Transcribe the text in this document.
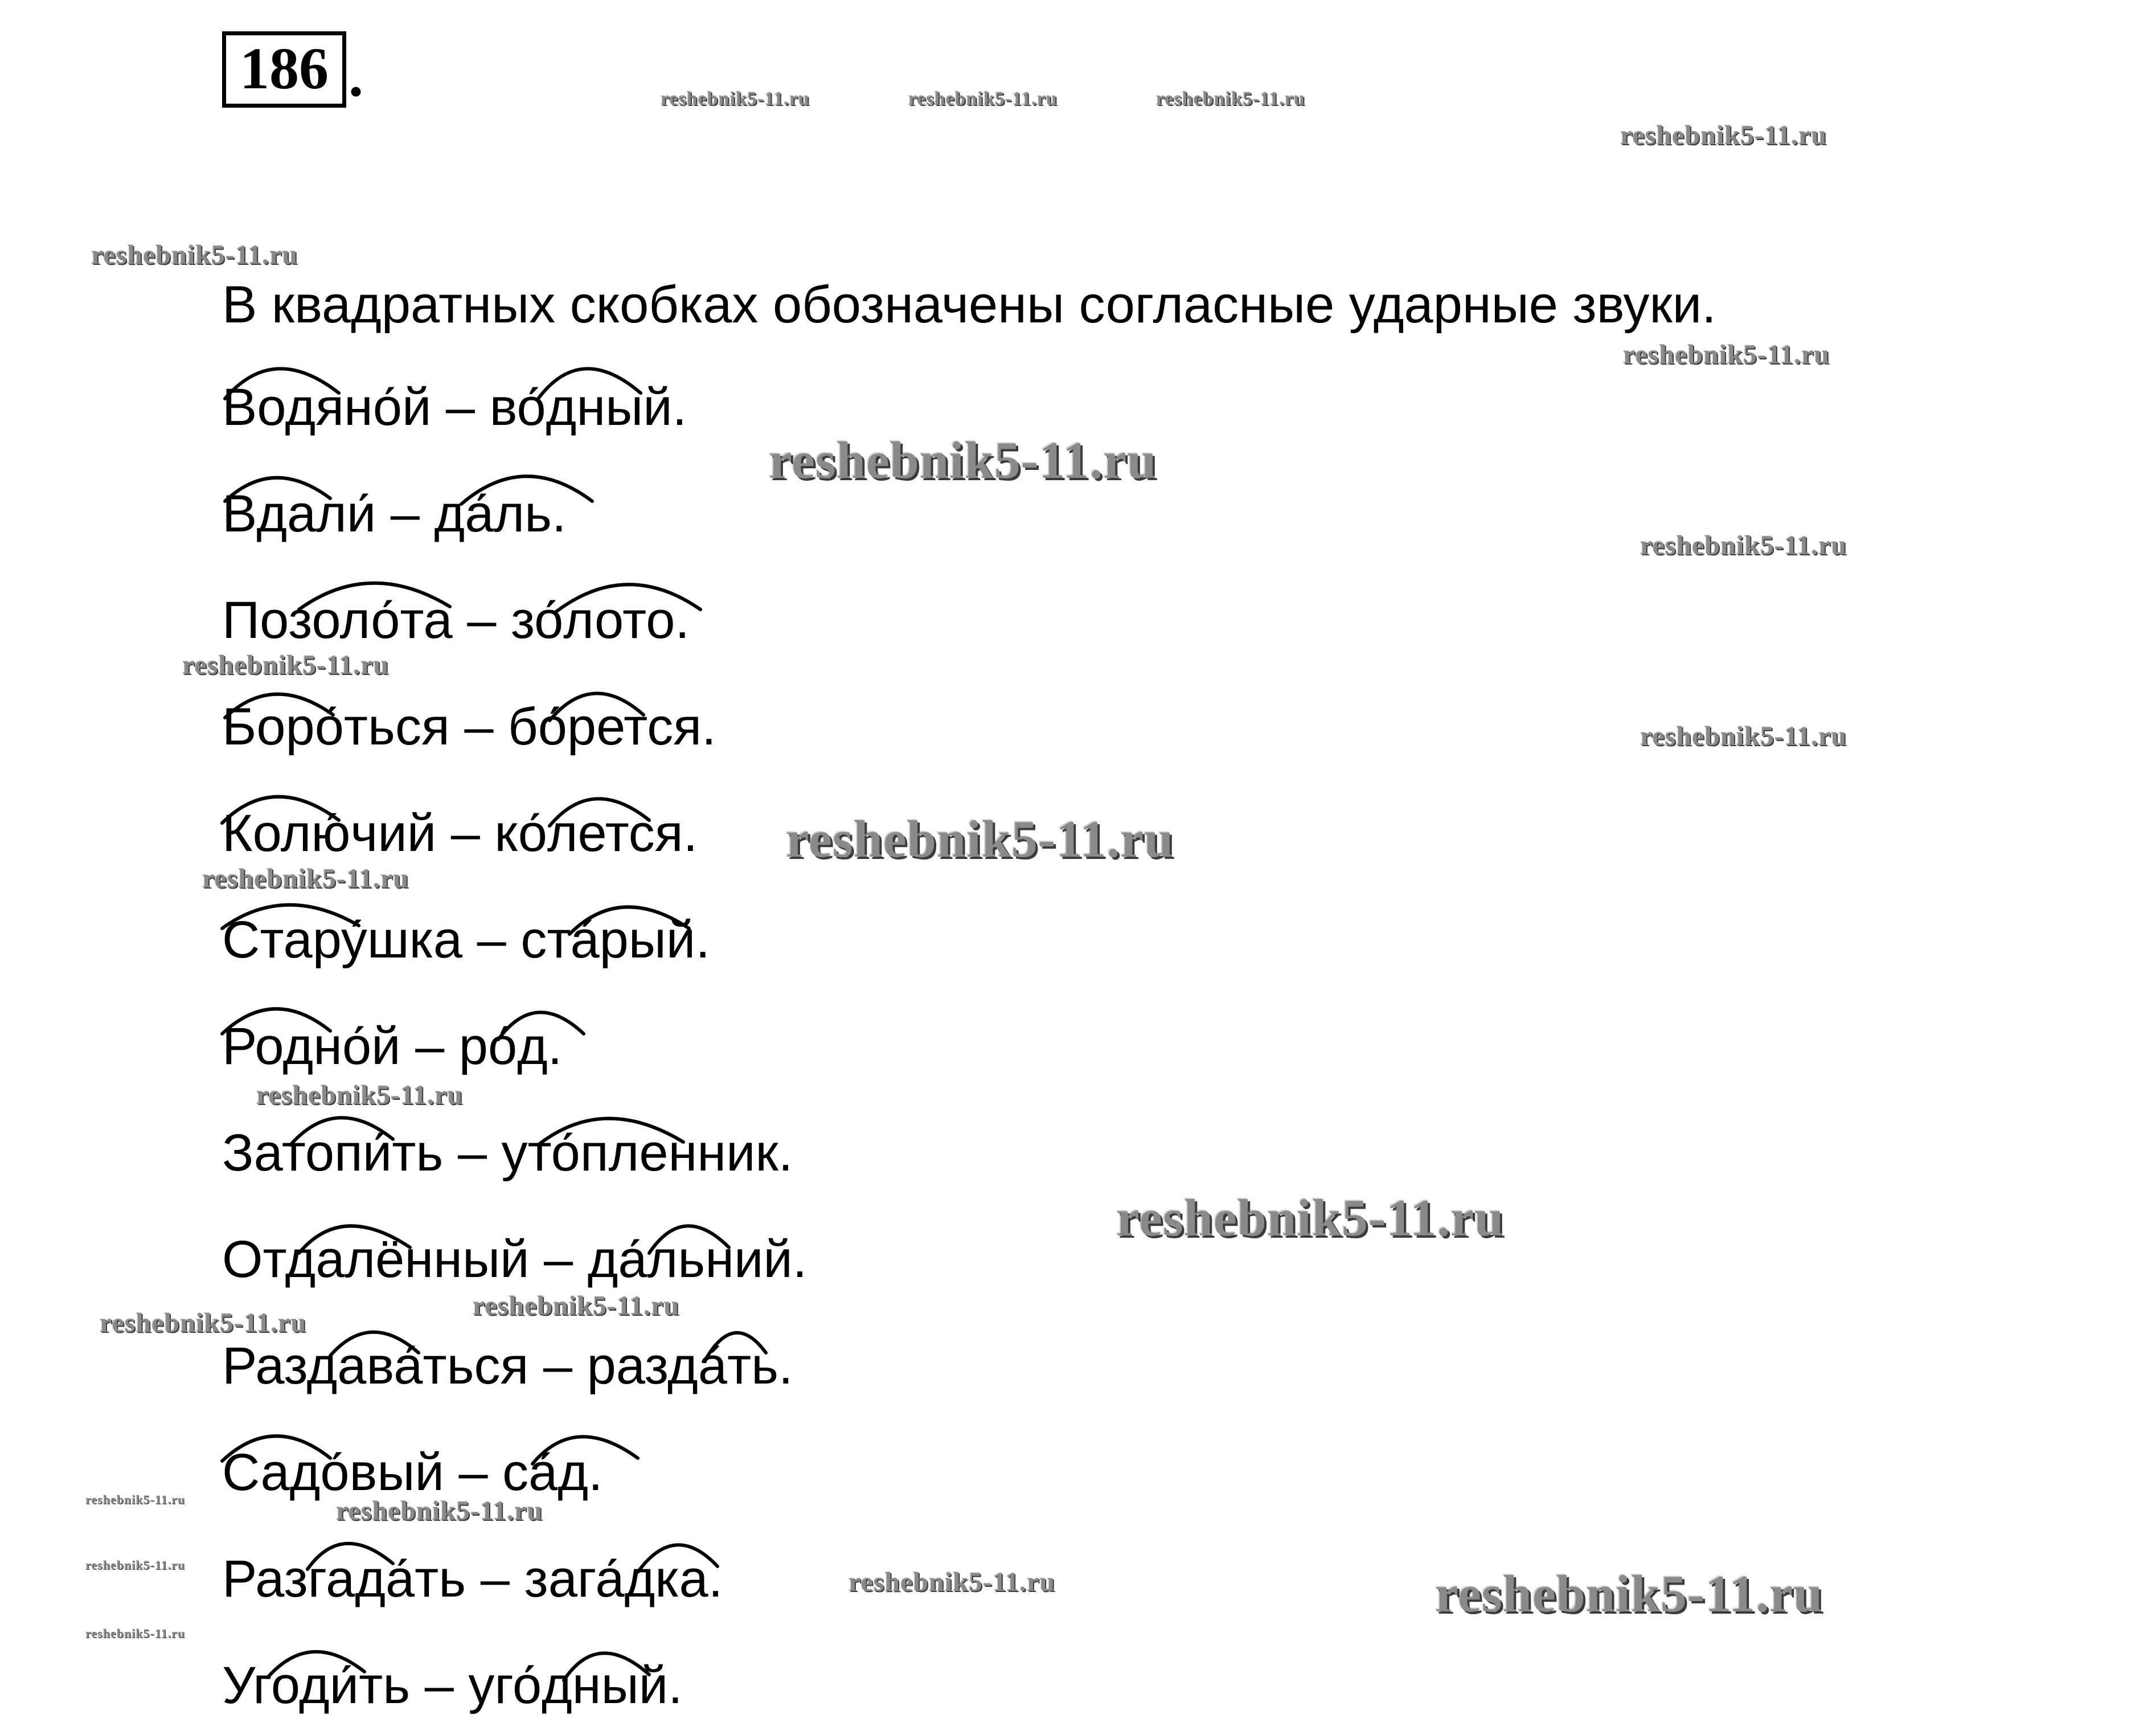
186 .
В квадратных скобках обозначены согласные ударные звуки.
Водяно́й – во́дный.
Вдали́ – да́ль.
Позоло́та – зо́лото.
Боро́ться – бо́рется.
Колю́чий – ко́лется.
Стару́шка – ста́рый.
Родно́й – ро́д.
Затопи́ть – уто́пленник.
Отдалённый – да́льний.
Раздава́ться – разда́ть.
Садо́вый – са́д.
Разгада́ть – зага́дка.
Угоди́ть – уго́дный.
reshebnik5-11.ru	reshebnik5-11.ru	reshebnik5-11.ru
reshebnik5-11.ru
reshebnik5-11.ru
reshebnik5-11.ru
reshebnik5-11.ru
reshebnik5-11.ru
reshebnik5-11.ru
reshebnik5-11.ru
reshebnik5-11.ru
reshebnik5-11.ru
reshebnik5-11.ru
reshebnik5-11.ru
reshebnik5-11.ru
reshebnik5-11.ru
reshebnik5-11.ru	reshebnik5-11.ru
reshebnik5-11.ru
reshebnik5-11.ru	reshebnik5-11.ru
reshebnik5-11.ru
